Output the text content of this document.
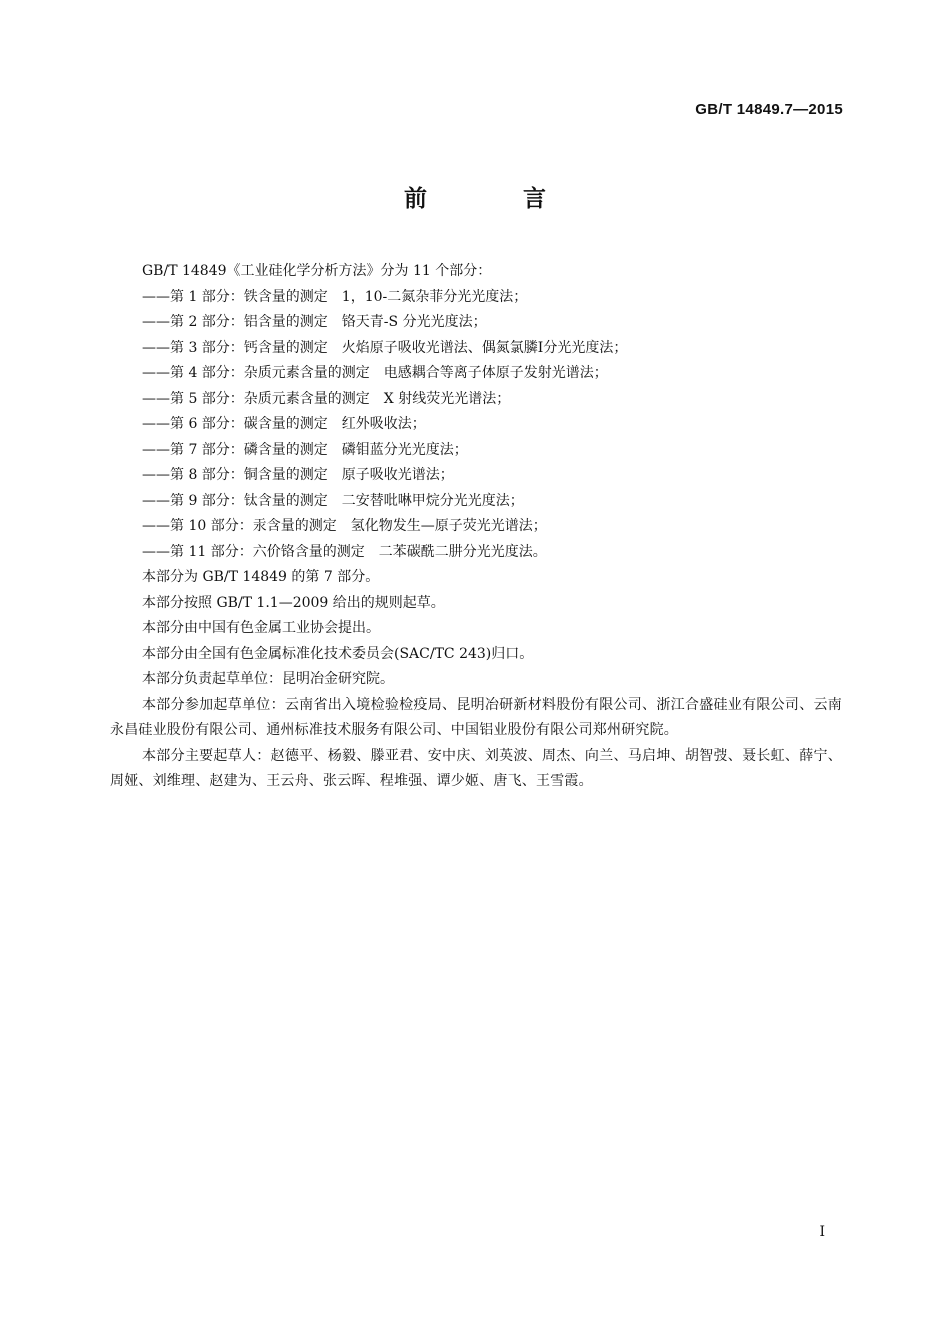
GB/T 14849.7—2015
前 言

GB/T 14849《工业硅化学分析方法》分为 11 个部分：

——第 1 部分：铁含量的测定　1，10-二氮杂菲分光光度法；

——第 2 部分：铝含量的测定　铬天青-S 分光光度法；

——第 3 部分：钙含量的测定　火焰原子吸收光谱法、偶氮氯膦Ⅰ分光光度法；

——第 4 部分：杂质元素含量的测定　电感耦合等离子体原子发射光谱法；

——第 5 部分：杂质元素含量的测定　X 射线荧光光谱法；

——第 6 部分：碳含量的测定　红外吸收法；

——第 7 部分：磷含量的测定　磷钼蓝分光光度法；

——第 8 部分：铜含量的测定　原子吸收光谱法；

——第 9 部分：钛含量的测定　二安替吡啉甲烷分光光度法；

——第 10 部分：汞含量的测定　氢化物发生—原子荧光光谱法；

——第 11 部分：六价铬含量的测定　二苯碳酰二肼分光光度法。

本部分为 GB/T 14849 的第 7 部分。

本部分按照 GB/T 1.1—2009 给出的规则起草。

本部分由中国有色金属工业协会提出。

本部分由全国有色金属标准化技术委员会(SAC/TC 243)归口。

本部分负责起草单位：昆明冶金研究院。

本部分参加起草单位：云南省出入境检验检疫局、昆明冶研新材料股份有限公司、浙江合盛硅业有限公司、云南永昌硅业股份有限公司、通州标准技术服务有限公司、中国铝业股份有限公司郑州研究院。

本部分主要起草人：赵德平、杨毅、滕亚君、安中庆、刘英波、周杰、向兰、马启坤、胡智弢、聂长虹、薛宁、周娅、刘维理、赵建为、王云舟、张云晖、程堆强、谭少姬、唐飞、王雪霞。

Ⅰ
